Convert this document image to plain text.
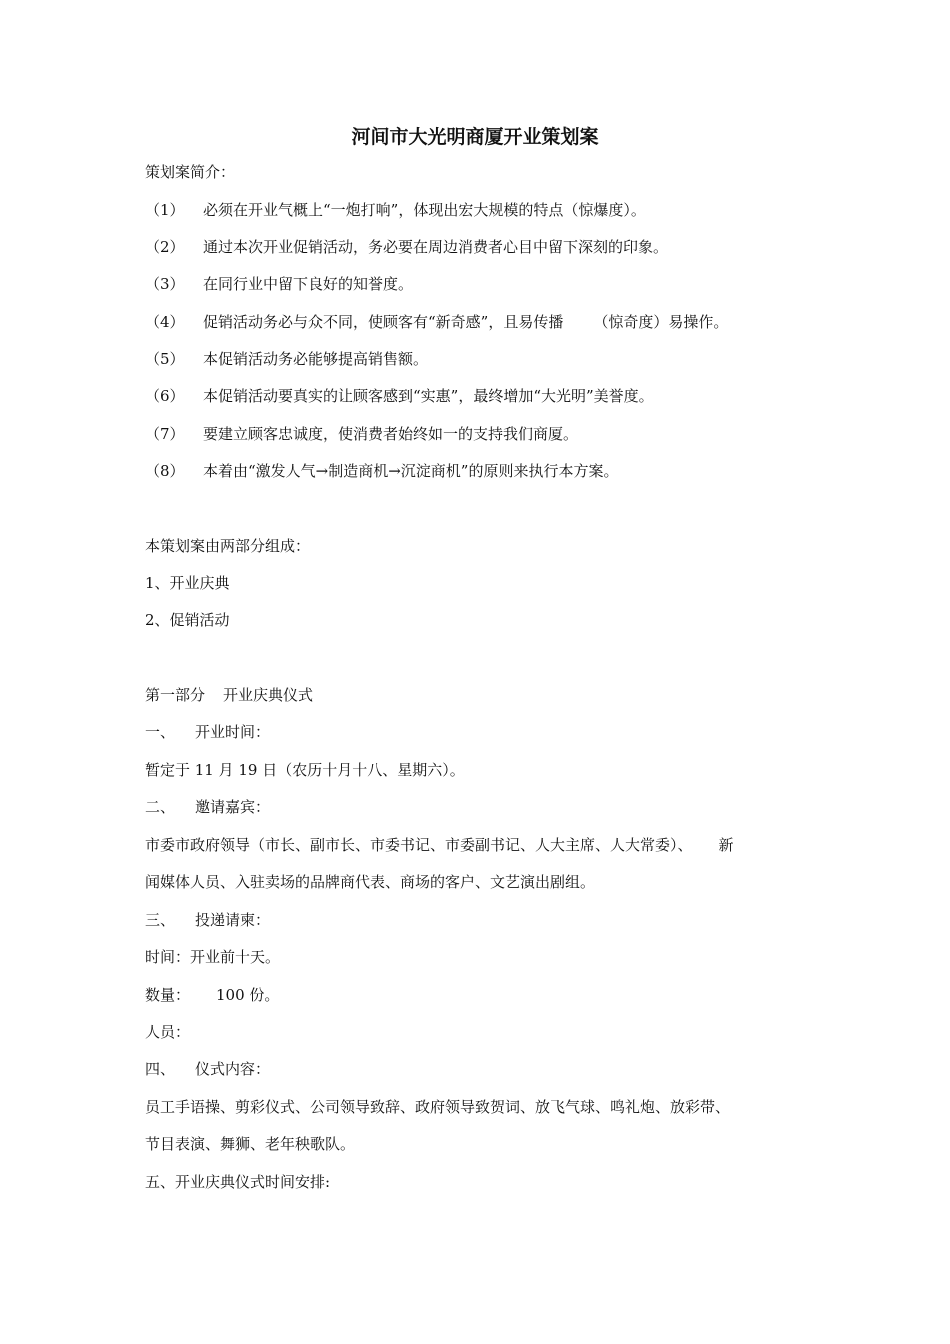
河间市大光明商厦开业策划案
策划案简介：
（1） 必须在开业气概上“一炮打响”，体现出宏大规模的特点（惊爆度）。
（2） 通过本次开业促销活动，务必要在周边消费者心目中留下深刻的印象。
（3） 在同行业中留下良好的知誉度。
（4） 促销活动务必与众不同，使顾客有“新奇感”，且易传播 （惊奇度）易操作。
（5） 本促销活动务必能够提高销售额。
（6） 本促销活动要真实的让顾客感到“实惠”，最终增加“大光明”美誉度。
（7） 要建立顾客忠诚度，使消费者始终如一的支持我们商厦。
（8） 本着由“激发人气→制造商机→沉淀商机”的原则来执行本方案。
本策划案由两部分组成：
1、开业庆典
2、促销活动
第一部分 开业庆典仪式
一、 开业时间：
暂定于 11 月 19 日（农历十月十八、星期六）。
二、 邀请嘉宾：
市委市政府领导（市长、副市长、市委书记、市委副书记、人大主席、人大常委）、 新
闻媒体人员、入驻卖场的品牌商代表、商场的客户、文艺演出剧组。
三、 投递请柬：
时间：开业前十天。
数量： 100 份。
人员：
四、 仪式内容：
员工手语操、剪彩仪式、公司领导致辞、政府领导致贺词、放飞气球、鸣礼炮、放彩带、
节目表演、舞狮、老年秧歌队。
五、开业庆典仪式时间安排:
